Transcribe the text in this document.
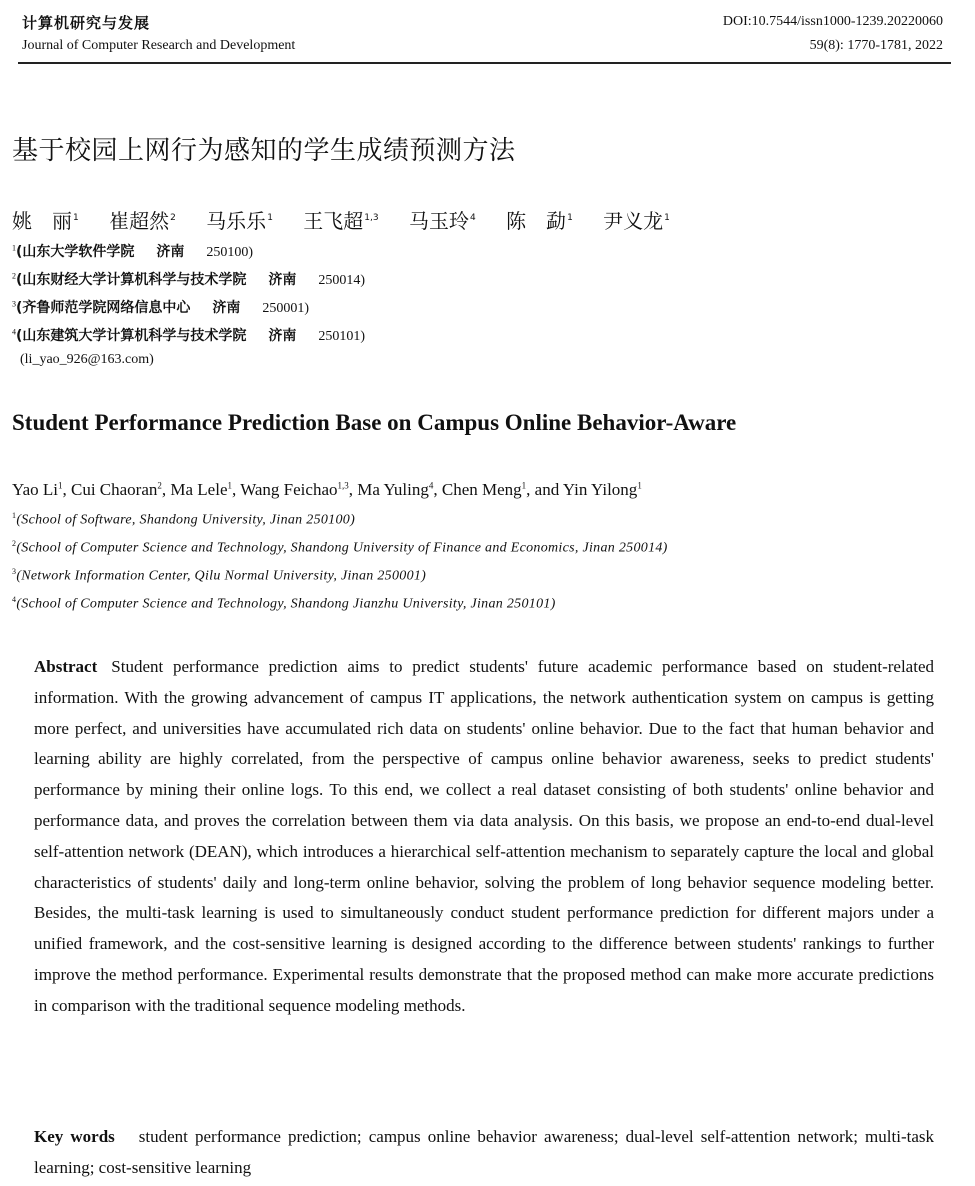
计算机研究与发展
Journal of Computer Research and Development
DOI:10.7544/issn1000-1239.20220060
59(8): 1770-1781, 2022
基于校园上网行为感知的学生成绩预测方法
姚　丽$^1$ 崔超然$^2$ 马乐乐$^1$ 王飞超$^{1,3}$ 马玉玲$^4$ 陈　勐$^1$ 尹义龙$^1$
$^1$(山东大学软件学院 济南 250100)
$^2$(山东财经大学计算机科学与技术学院 济南 250014)
$^3$(齐鲁师范学院网络信息中心 济南 250001)
$^4$(山东建筑大学计算机科学与技术学院 济南 250101)
(li_yao_926@163.com)
Student Performance Prediction Base on Campus Online Behavior-Aware
Yao Li$^1$, Cui Chaoran$^2$, Ma Lele$^1$, Wang Feichao$^{1,3}$, Ma Yuling$^4$, Chen Meng$^1$, and Yin Yilong$^1$
$^1$(School of Software, Shandong University, Jinan 250100)
$^2$(School of Computer Science and Technology, Shandong University of Finance and Economics, Jinan 250014)
$^3$(Network Information Center, Qilu Normal University, Jinan 250001)
$^4$(School of Computer Science and Technology, Shandong Jianzhu University, Jinan 250101)
Abstract Student performance prediction aims to predict students' future academic performance based on student-related information. With the growing advancement of campus IT applications, the network authentication system on campus is getting more perfect, and universities have accumulated rich data on students' online behavior. Due to the fact that human behavior and learning ability are highly correlated, from the perspective of campus online behavior awareness, seeks to predict students' performance by mining their online logs. To this end, we collect a real dataset consisting of both students' online behavior and performance data, and proves the correlation between them via data analysis. On this basis, we propose an end-to-end dual-level self-attention network (DEAN), which introduces a hierarchical self-attention mechanism to separately capture the local and global characteristics of students' daily and long-term online behavior, solving the problem of long behavior sequence modeling better. Besides, the multi-task learning is used to simultaneously conduct student performance prediction for different majors under a unified framework, and the cost-sensitive learning is designed according to the difference between students' rankings to further improve the method performance. Experimental results demonstrate that the proposed method can make more accurate predictions in comparison with the traditional sequence modeling methods.
Key words student performance prediction; campus online behavior awareness; dual-level self-attention network; multi-task learning; cost-sensitive learning
